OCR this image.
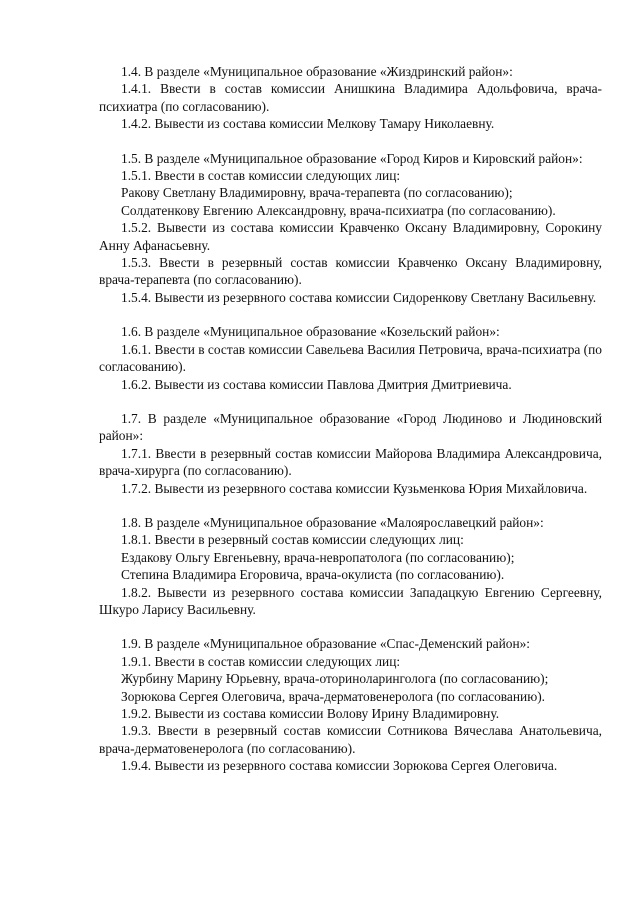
1.4. В разделе «Муниципальное образование «Жиздринский район»:

1.4.1. Ввести в состав комиссии Анишкина Владимира Адольфовича, врача-психиатра (по согласованию).

1.4.2. Вывести из состава комиссии Мелкову Тамару Николаевну.

1.5. В разделе «Муниципальное образование «Город Киров и Кировский район»:

1.5.1. Ввести в состав комиссии следующих лиц:

Ракову Светлану Владимировну, врача-терапевта (по согласованию);

Солдатенкову Евгению Александровну, врача-психиатра (по согласованию).

1.5.2. Вывести из состава комиссии Кравченко Оксану Владимировну, Сорокину Анну Афанасьевну.

1.5.3. Ввести в резервный состав комиссии Кравченко Оксану Владимировну, врача-терапевта (по согласованию).

1.5.4. Вывести из резервного состава комиссии Сидоренкову Светлану Васильевну.

1.6. В разделе «Муниципальное образование «Козельский район»:

1.6.1. Ввести в состав комиссии Савельева Василия Петровича, врача-психиатра (по согласованию).

1.6.2. Вывести из состава комиссии Павлова Дмитрия Дмитриевича.

1.7. В разделе «Муниципальное образование «Город Людиново и Людиновский район»:

1.7.1. Ввести в резервный состав комиссии Майорова Владимира Александровича, врача-хирурга (по согласованию).

1.7.2. Вывести из резервного состава комиссии Кузьменкова Юрия Михайловича.

1.8. В разделе «Муниципальное образование «Малоярославецкий район»:

1.8.1. Ввести в резервный состав комиссии следующих лиц:

Ездакову Ольгу Евгеньевну, врача-невропатолога (по согласованию);

Степина Владимира Егоровича, врача-окулиста (по согласованию).

1.8.2. Вывести из резервного состава комиссии Западацкую Евгению Сергеевну, Шкуро Ларису Васильевну.

1.9. В разделе «Муниципальное образование «Спас-Деменский район»:

1.9.1. Ввести в состав комиссии следующих лиц:

Журбину Марину Юрьевну, врача-оториноларинголога (по согласованию);

Зорюкова Сергея Олеговича, врача-дерматовенеролога (по согласованию).

1.9.2. Вывести из состава комиссии Волову Ирину Владимировну.

1.9.3. Ввести в резервный состав комиссии Сотникова Вячеслава Анатольевича, врача-дерматовенеролога (по согласованию).

1.9.4. Вывести из резервного состава комиссии Зорюкова Сергея Олеговича.
